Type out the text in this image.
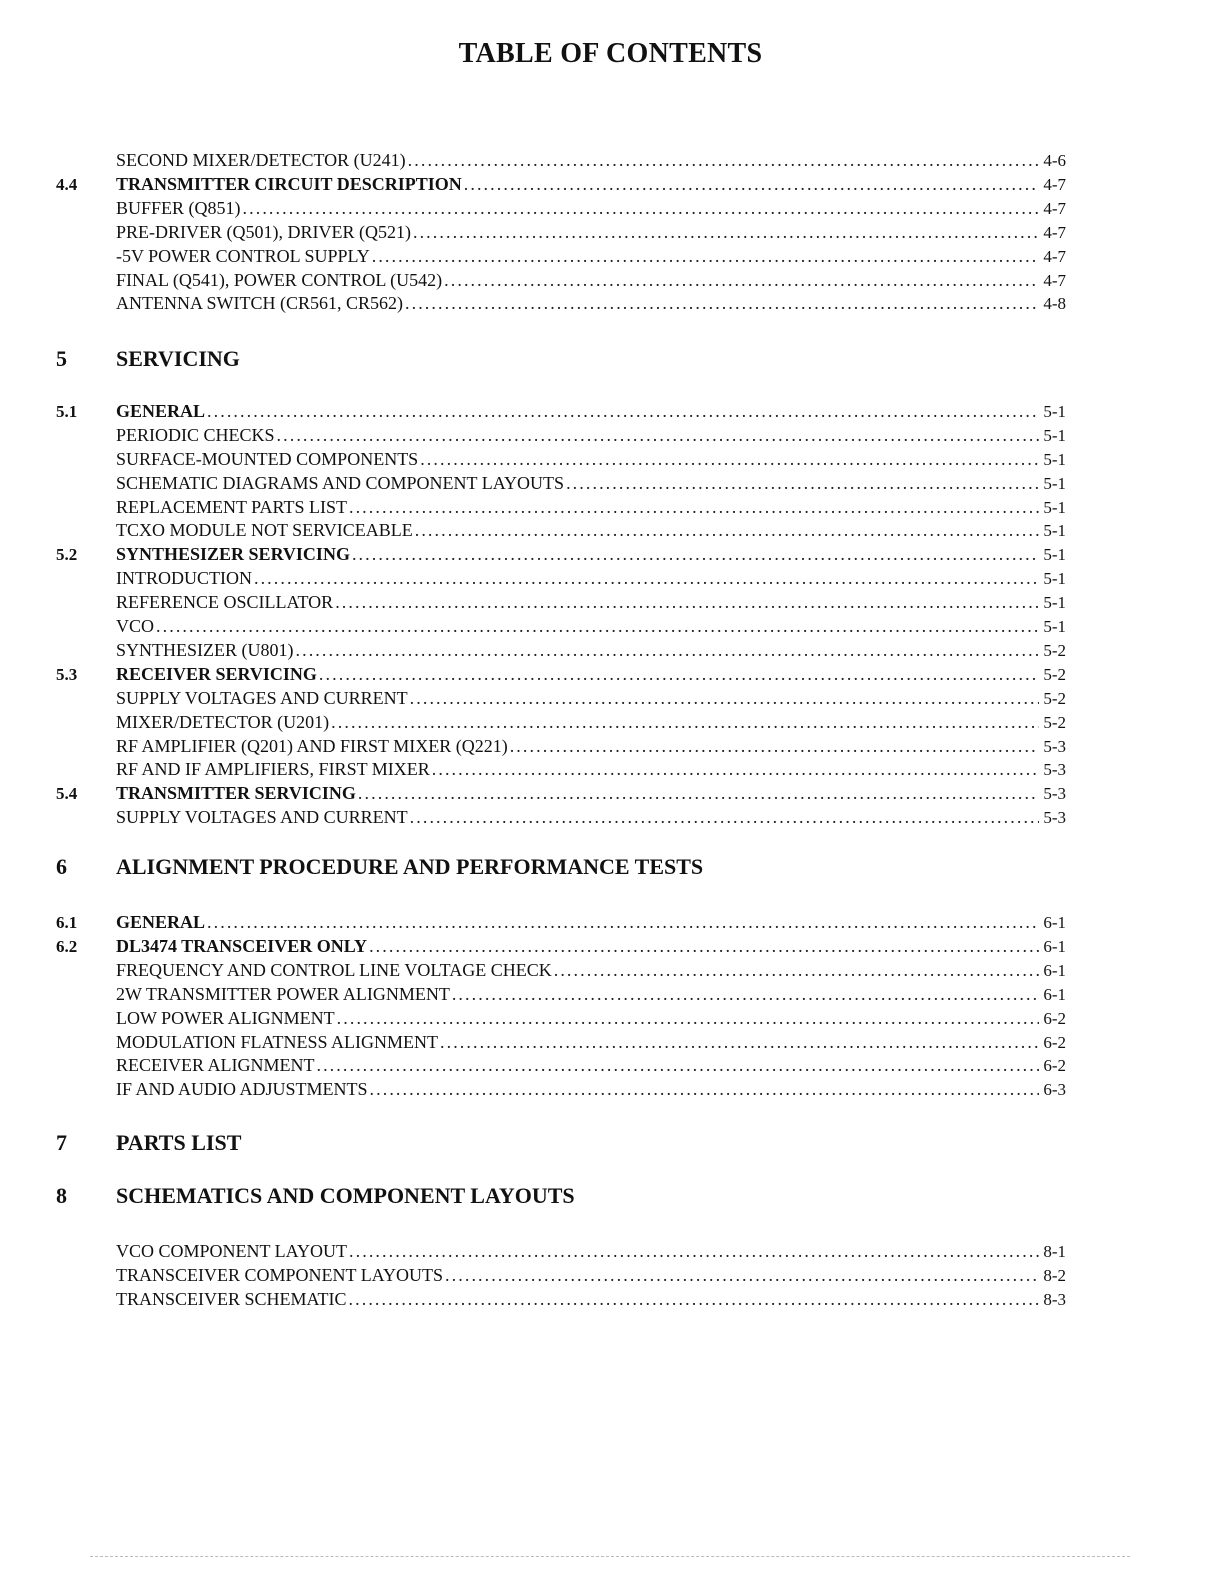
TABLE OF CONTENTS
SECOND MIXER/DETECTOR (U241) . . .	4-6
4.4	TRANSMITTER CIRCUIT DESCRIPTION . . .	4-7
BUFFER (Q851) . . .	4-7
PRE-DRIVER (Q501), DRIVER (Q521) . . .	4-7
-5V POWER CONTROL SUPPLY . . .	4-7
FINAL (Q541), POWER CONTROL (U542) . . .	4-7
ANTENNA SWITCH (CR561, CR562) . . .	4-8
5	SERVICING
5.1	GENERAL . . .	5-1
PERIODIC CHECKS . . .	5-1
SURFACE-MOUNTED COMPONENTS . . .	5-1
SCHEMATIC DIAGRAMS AND COMPONENT LAYOUTS . . .	5-1
REPLACEMENT PARTS LIST . . .	5-1
TCXO MODULE NOT SERVICEABLE . . .	5-1
5.2	SYNTHESIZER SERVICING . . .	5-1
INTRODUCTION . . .	5-1
REFERENCE OSCILLATOR . . .	5-1
VCO . . .	5-1
SYNTHESIZER (U801) . . .	5-2
5.3	RECEIVER SERVICING . . .	5-2
SUPPLY VOLTAGES AND CURRENT . . .	5-2
MIXER/DETECTOR (U201) . . .	5-2
RF AMPLIFIER (Q201) AND FIRST MIXER (Q221) . . .	5-3
RF AND IF AMPLIFIERS, FIRST MIXER . . .	5-3
5.4	TRANSMITTER SERVICING . . .	5-3
SUPPLY VOLTAGES AND CURRENT . . .	5-3
6	ALIGNMENT PROCEDURE AND PERFORMANCE TESTS
6.1	GENERAL . . .	6-1
6.2	DL3474 TRANSCEIVER ONLY . . .	6-1
FREQUENCY AND CONTROL LINE VOLTAGE CHECK . . .	6-1
2W TRANSMITTER POWER ALIGNMENT . . .	6-1
LOW POWER ALIGNMENT . . .	6-2
MODULATION FLATNESS ALIGNMENT . . .	6-2
RECEIVER ALIGNMENT . . .	6-2
IF AND AUDIO ADJUSTMENTS . . .	6-3
7	PARTS LIST
8	SCHEMATICS AND COMPONENT LAYOUTS
VCO COMPONENT LAYOUT . . .	8-1
TRANSCEIVER COMPONENT LAYOUTS . . .	8-2
TRANSCEIVER SCHEMATIC . . .	8-3
